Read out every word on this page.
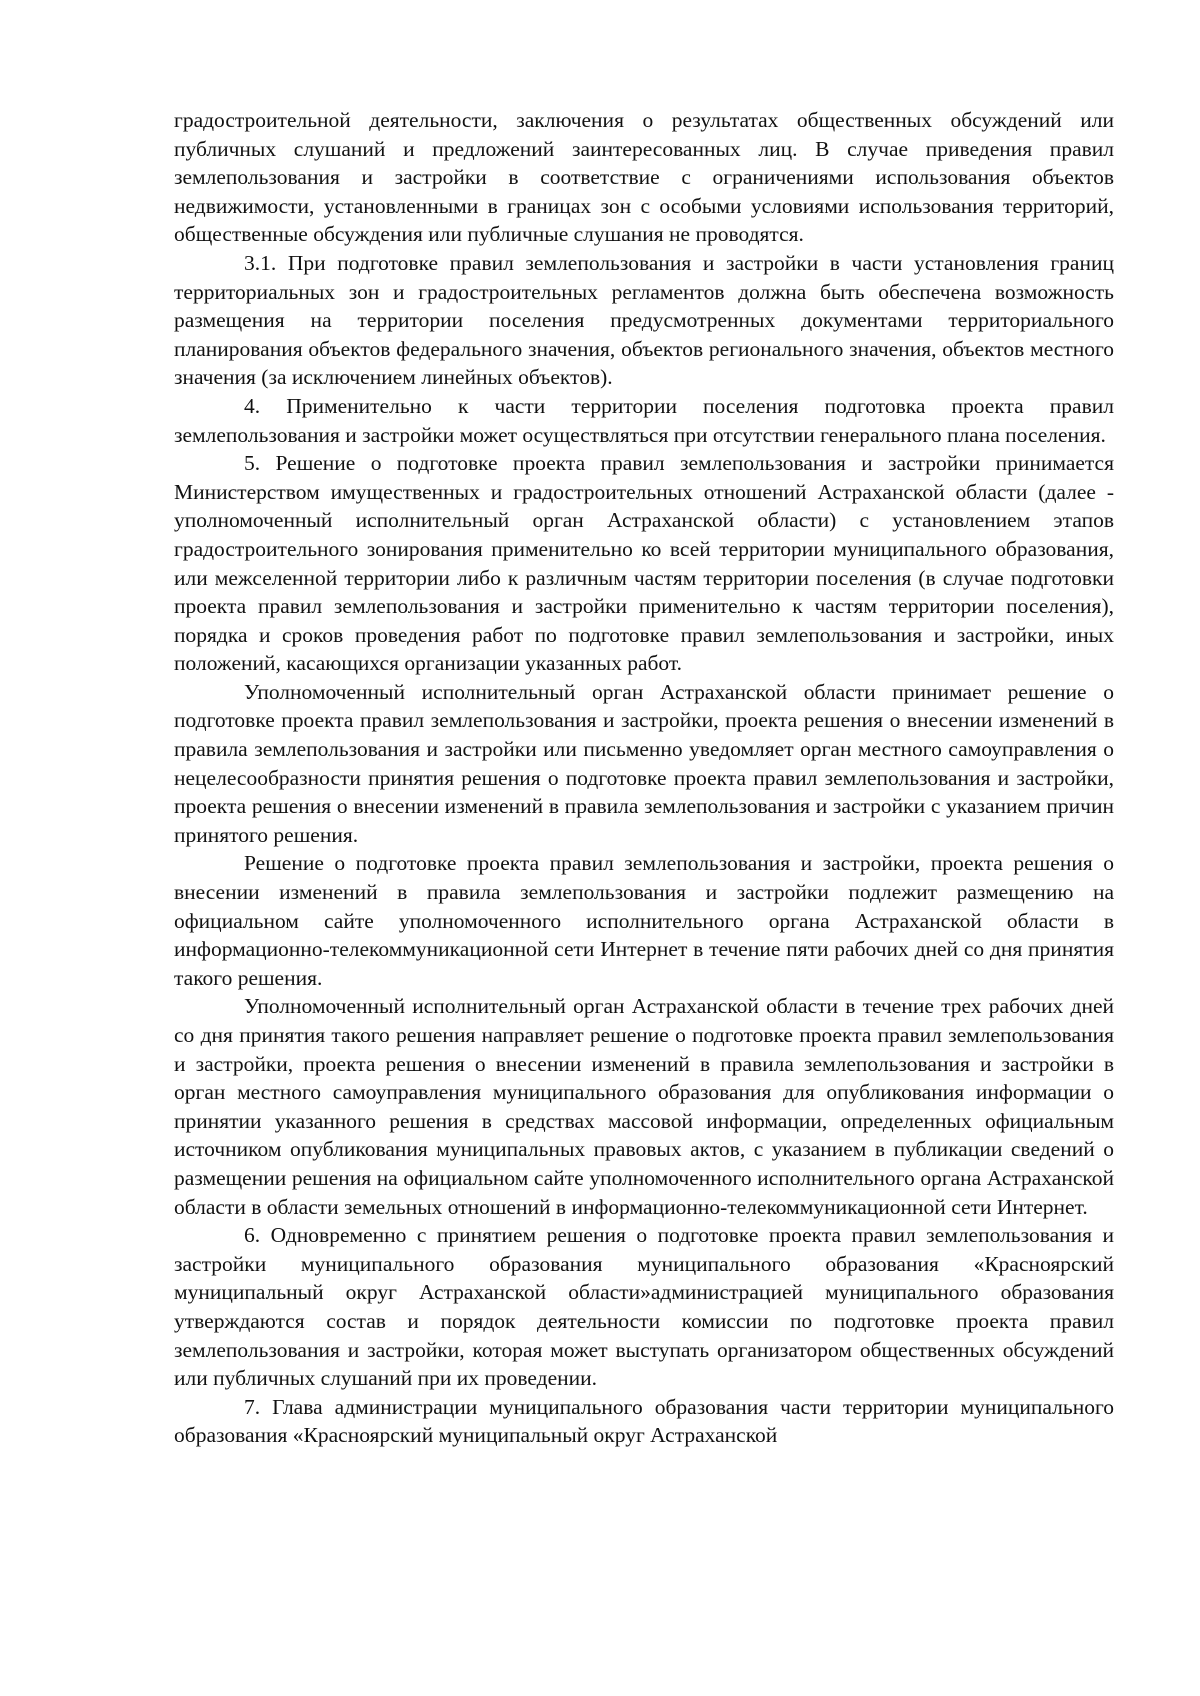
градостроительной деятельности, заключения о результатах общественных обсуждений или публичных слушаний и предложений заинтересованных лиц. В случае приведения правил землепользования и застройки в соответствие с ограничениями использования объектов недвижимости, установленными в границах зон с особыми условиями использования территорий, общественные обсуждения или публичные слушания не проводятся.

3.1. При подготовке правил землепользования и застройки в части установления границ территориальных зон и градостроительных регламентов должна быть обеспечена возможность размещения на территории поселения предусмотренных документами территориального планирования объектов федерального значения, объектов регионального значения, объектов местного значения (за исключением линейных объектов).

4. Применительно к части территории поселения подготовка проекта правил землепользования и застройки может осуществляться при отсутствии генерального плана поселения.

5. Решение о подготовке проекта правил землепользования и застройки принимается Министерством имущественных и градостроительных отношений Астраханской области (далее - уполномоченный исполнительный орган Астраханской области) с установлением этапов градостроительного зонирования применительно ко всей территории муниципального образования, или межселенной территории либо к различным частям территории поселения (в случае подготовки проекта правил землепользования и застройки применительно к частям территории поселения), порядка и сроков проведения работ по подготовке правил землепользования и застройки, иных положений, касающихся организации указанных работ.

Уполномоченный исполнительный орган Астраханской области принимает решение о подготовке проекта правил землепользования и застройки, проекта решения о внесении изменений в правила землепользования и застройки или письменно уведомляет орган местного самоуправления о нецелесообразности принятия решения о подготовке проекта правил землепользования и застройки, проекта решения о внесении изменений в правила землепользования и застройки с указанием причин принятого решения.

Решение о подготовке проекта правил землепользования и застройки, проекта решения о внесении изменений в правила землепользования и застройки подлежит размещению на официальном сайте уполномоченного исполнительного органа Астраханской области в информационно-телекоммуникационной сети Интернет в течение пяти рабочих дней со дня принятия такого решения.

Уполномоченный исполнительный орган Астраханской области в течение трех рабочих дней со дня принятия такого решения направляет решение о подготовке проекта правил землепользования и застройки, проекта решения о внесении изменений в правила землепользования и застройки в орган местного самоуправления муниципального образования для опубликования информации о принятии указанного решения в средствах массовой информации, определенных официальным источником опубликования муниципальных правовых актов, с указанием в публикации сведений о размещении решения на официальном сайте уполномоченного исполнительного органа Астраханской области в области земельных отношений в информационно-телекоммуникационной сети Интернет.

6. Одновременно с принятием решения о подготовке проекта правил землепользования и застройки муниципального образования муниципального образования «Красноярский муниципальный округ Астраханской области»администрацией муниципального образования утверждаются состав и порядок деятельности комиссии по подготовке проекта правил землепользования и застройки, которая может выступать организатором общественных обсуждений или публичных слушаний при их проведении.

7. Глава администрации муниципального образования части территории муниципального образования «Красноярский муниципальный округ Астраханской
